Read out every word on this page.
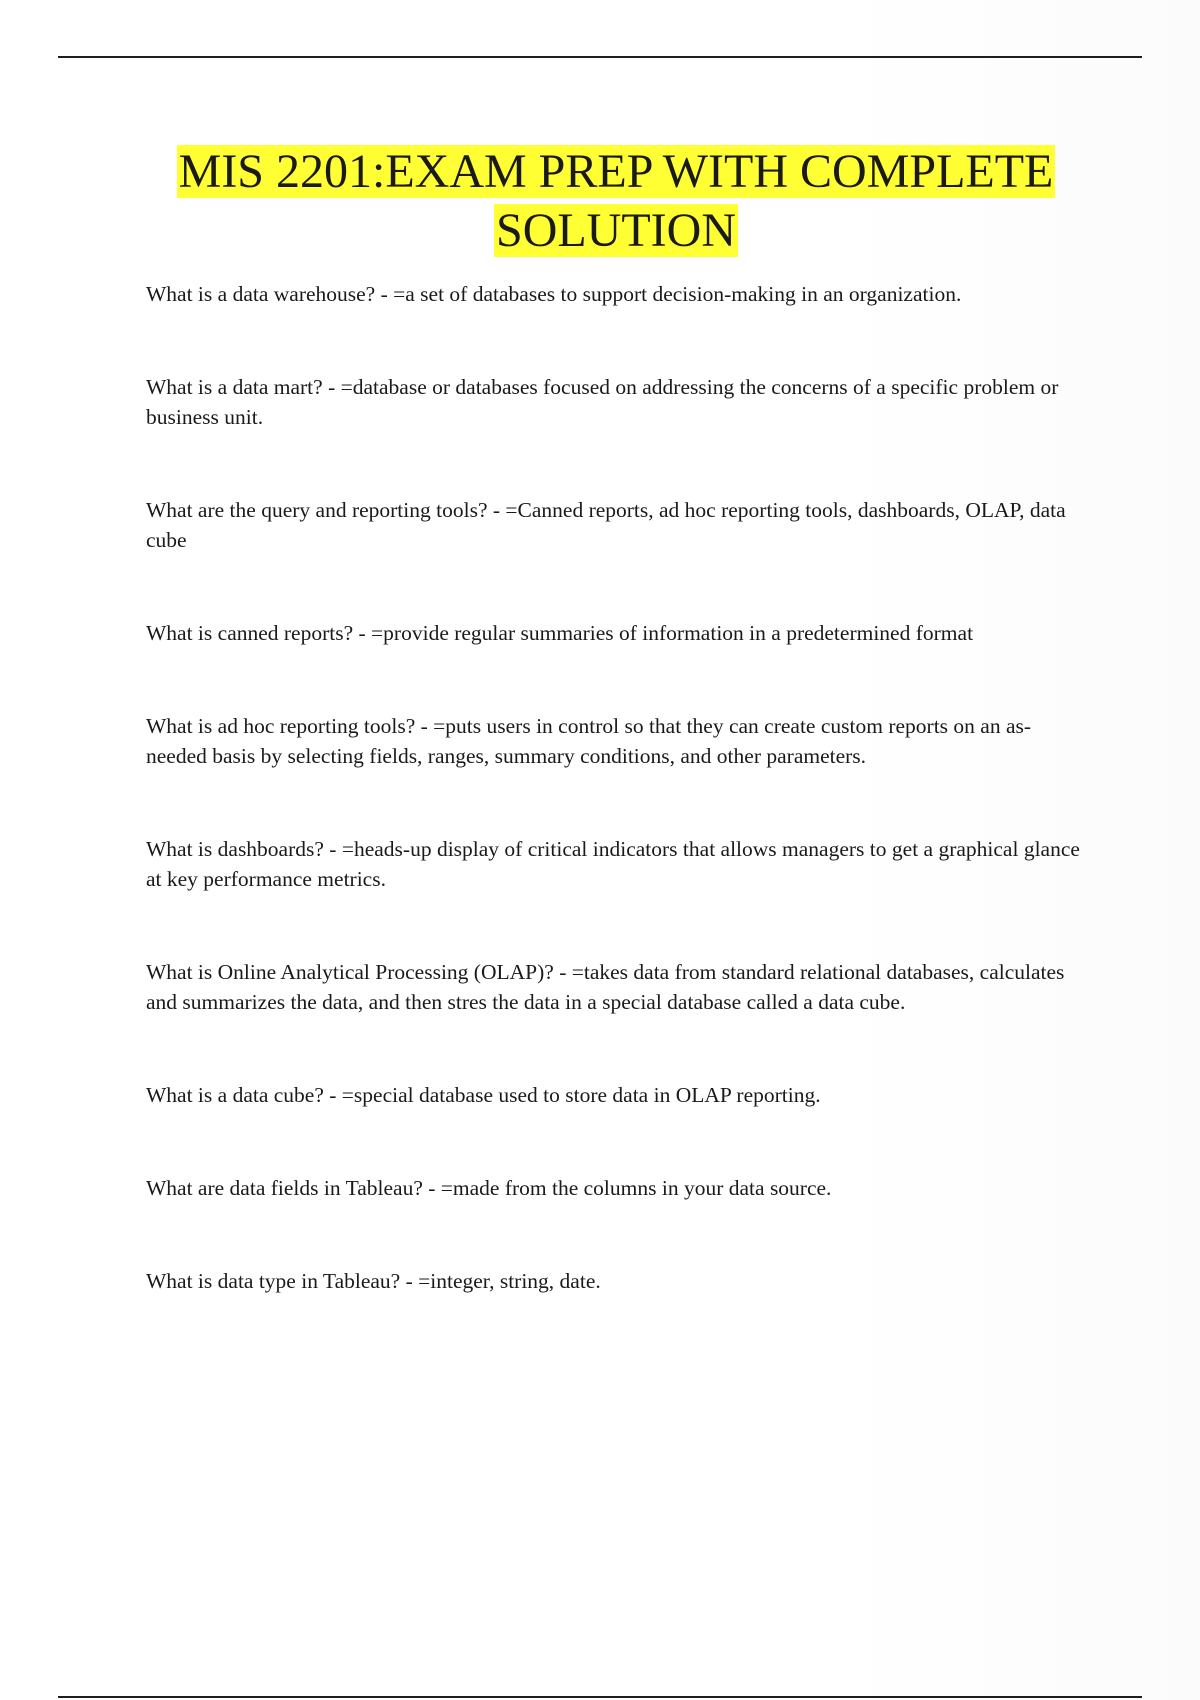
MIS 2201:EXAM PREP WITH COMPLETE
SOLUTION
What is a data warehouse? - =a set of databases to support decision-making in an organization.
What is a data mart? - =database or databases focused on addressing the concerns of a specific problem or business unit.
What are the query and reporting tools? - =Canned reports, ad hoc reporting tools, dashboards, OLAP, data cube
What is canned reports? - =provide regular summaries of information in a predetermined format
What is ad hoc reporting tools? - =puts users in control so that they can create custom reports on an as-needed basis by selecting fields, ranges, summary conditions, and other parameters.
What is dashboards? - =heads-up display of critical indicators that allows managers to get a graphical glance at key performance metrics.
What is Online Analytical Processing (OLAP)? - =takes data from standard relational databases, calculates and summarizes the data, and then stres the data in a special database called a data cube.
What is a data cube? - =special database used to store data in OLAP reporting.
What are data fields in Tableau? - =made from the columns in your data source.
What is data type in Tableau? - =integer, string, date.
